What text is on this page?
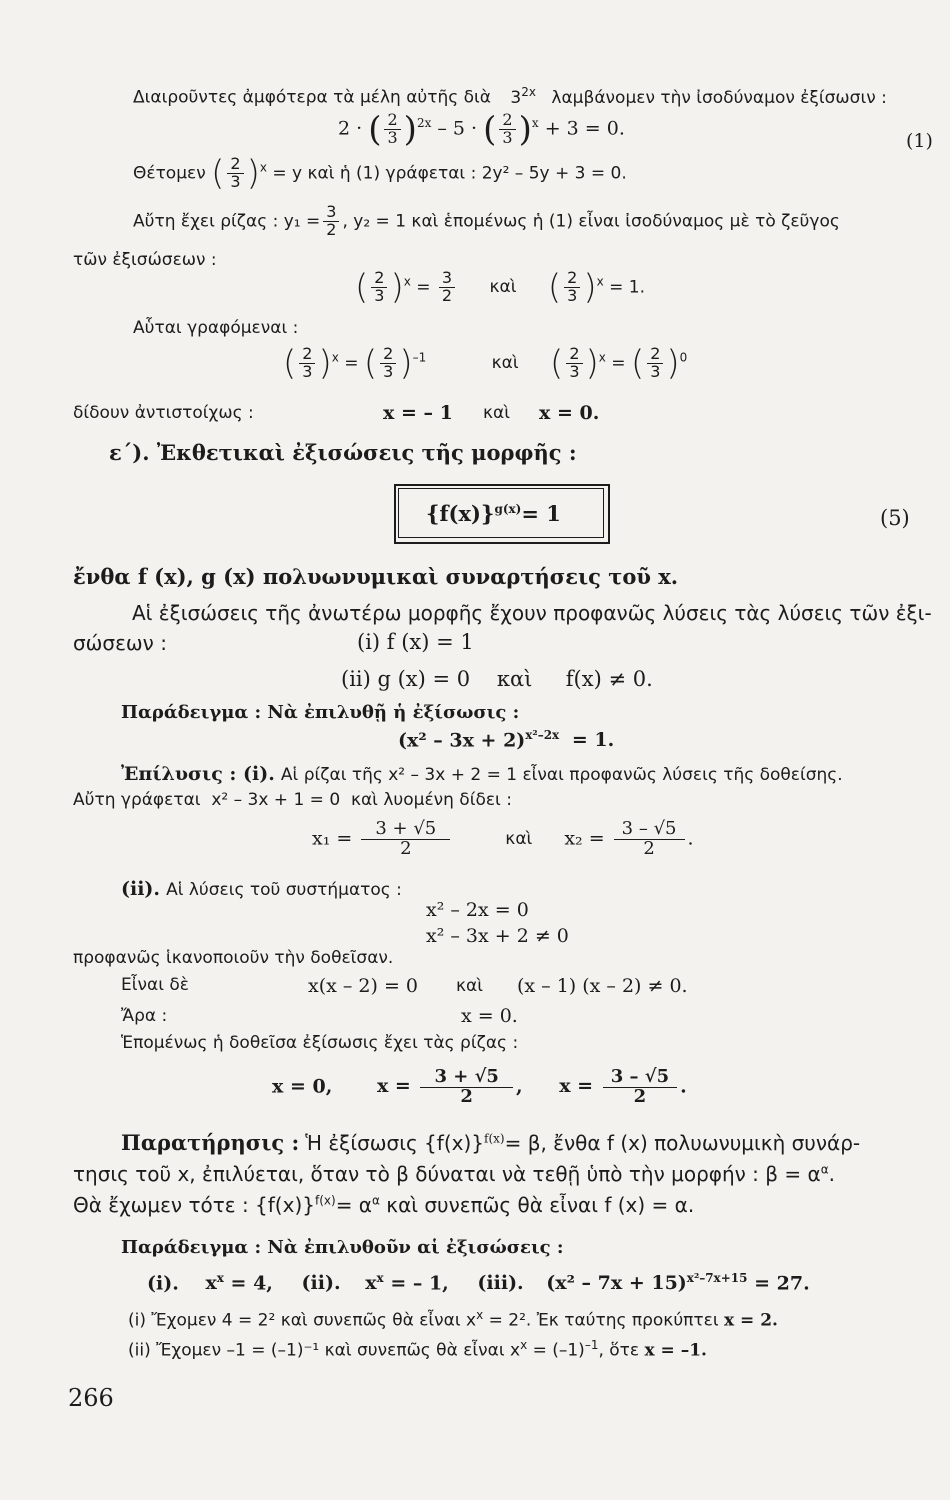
Διαιροῦντες ἀμφότερα τὰ μέλη αὐτῆς διὰ $3^{2x}$ λαμβάνομεν τὴν ἰσοδύναμον ἐξίσωσιν :
2 · ( $\frac{2}{3} )^{2x} - 5$ · ( $\frac{2}{3} )^x + 3 = 0$.
(1)
Θέτομεν ( $\frac{2}{3} )^x = y$ καὶ ἡ (1) γράφεται : 2y² – 5y + 3 = 0.
Αὔτη ἔχει ρίζας : $y_1 = \frac{3}{2}$ , y₂ = 1 καὶ ἑπομένως ἡ (1) εἶναι ἰσοδύναμος μὲ τὸ ζεῦγος
τῶν ἐξισώσεων :
( $\frac{2}{3} )^x = \frac{3}{2}$ καὶ ( $\frac{2}{3} )^x = 1$.
Αὗται γραφόμεναι :
( $\frac{2}{3} )^x$ = ( $\frac{2}{3} )^{-1}$	καὶ ( $\frac{2}{3} )^x$ = ( $\frac{2}{3} )^0$
δίδουν ἀντιστοίχως :	x = – 1 καὶ x = 0.
ε΄). Ἐκθετικαὶ ἐξισώσεις τῆς μορφῆς :
$\{f(x)\}^{g(x)}= 1$	(5)
ἔνθα f (x), g (x) πολυωνυμικαὶ συναρτήσεις τοῦ x.
Αἱ ἐξισώσεις τῆς ἀνωτέρω μορφῆς ἔχουν προφανῶς λύσεις τὰς λύσεις τῶν ἐξι-
σώσεων :	(i) f (x) = 1
(ii) g (x) = 0    καὶ     f(x) ≠ 0.
Παράδειγμα : Νὰ ἐπιλυθῇ ἡ ἐξίσωσις :
$(x^2 - 3x + 2)^{x^2-2x} = 1$.
Ἐπίλυσις : (i). Αἱ ρίζαι τῆς x² – 3x + 2 = 1 εἶναι προφανῶς λύσεις τῆς δοθείσης.
Αὔτη γράφεται  x² – 3x + 1 = 0  καὶ λυομένη δίδει :
$x_1 = \frac{3 + √5}{2}$	καὶ $x_2 = \frac{3 - √5}{2}$ .
(ii). Αἱ λύσεις τοῦ συστήματος :
x² – 2x = 0
x² – 3x + 2 ≠ 0
προφανῶς ἱκανοποιοῦν τὴν δοθεῖσαν.
Εἶναι δὲ	x(x – 2) = 0 καὶ (x – 1) (x – 2) ≠ 0.
Ἄρα :	x = 0.
Ἑπομένως ἡ δοθεῖσα ἐξίσωσις ἔχει τὰς ρίζας :
x = 0, $x = \frac{3 + √5}{2}$ , $x = \frac{3 - √5}{2}$ .
Παρατήρησις : Ἡ ἐξίσωσις $\{f(x)\}^{f(x)}= \beta$, ἔνθα f (x) πολυωνυμικὴ συνάρ-
τησις τοῦ x, ἐπιλύεται, ὅταν τὸ β δύναται νὰ τεθῇ ὑπὸ τὴν μορφήν : $\beta = \alpha^\alpha$.
Θὰ ἔχωμεν τότε : $\{f(x)\}^{f(x)}= \alpha^\alpha$ καὶ συνεπῶς θὰ εἶναι f (x) = α.
Παράδειγμα : Νὰ ἐπιλυθοῦν αἱ ἐξισώσεις :
(i). $x^x = 4$, (ii). $x^x$ = – 1, (iii). $(x^2 - 7x + 15)^{x^2-7x+15} = 27$.
(i) Ἔχομεν 4 = 2² καὶ συνεπῶς θὰ εἶναι $x^x = 2^2$. Ἐκ ταύτης προκύπτει x = 2.
(ii) Ἔχομεν –1 = (–1)⁻¹ καὶ συνεπῶς θὰ εἶναι $x^x = (-1)^{-1}$, ὅτε x = –1.
266
